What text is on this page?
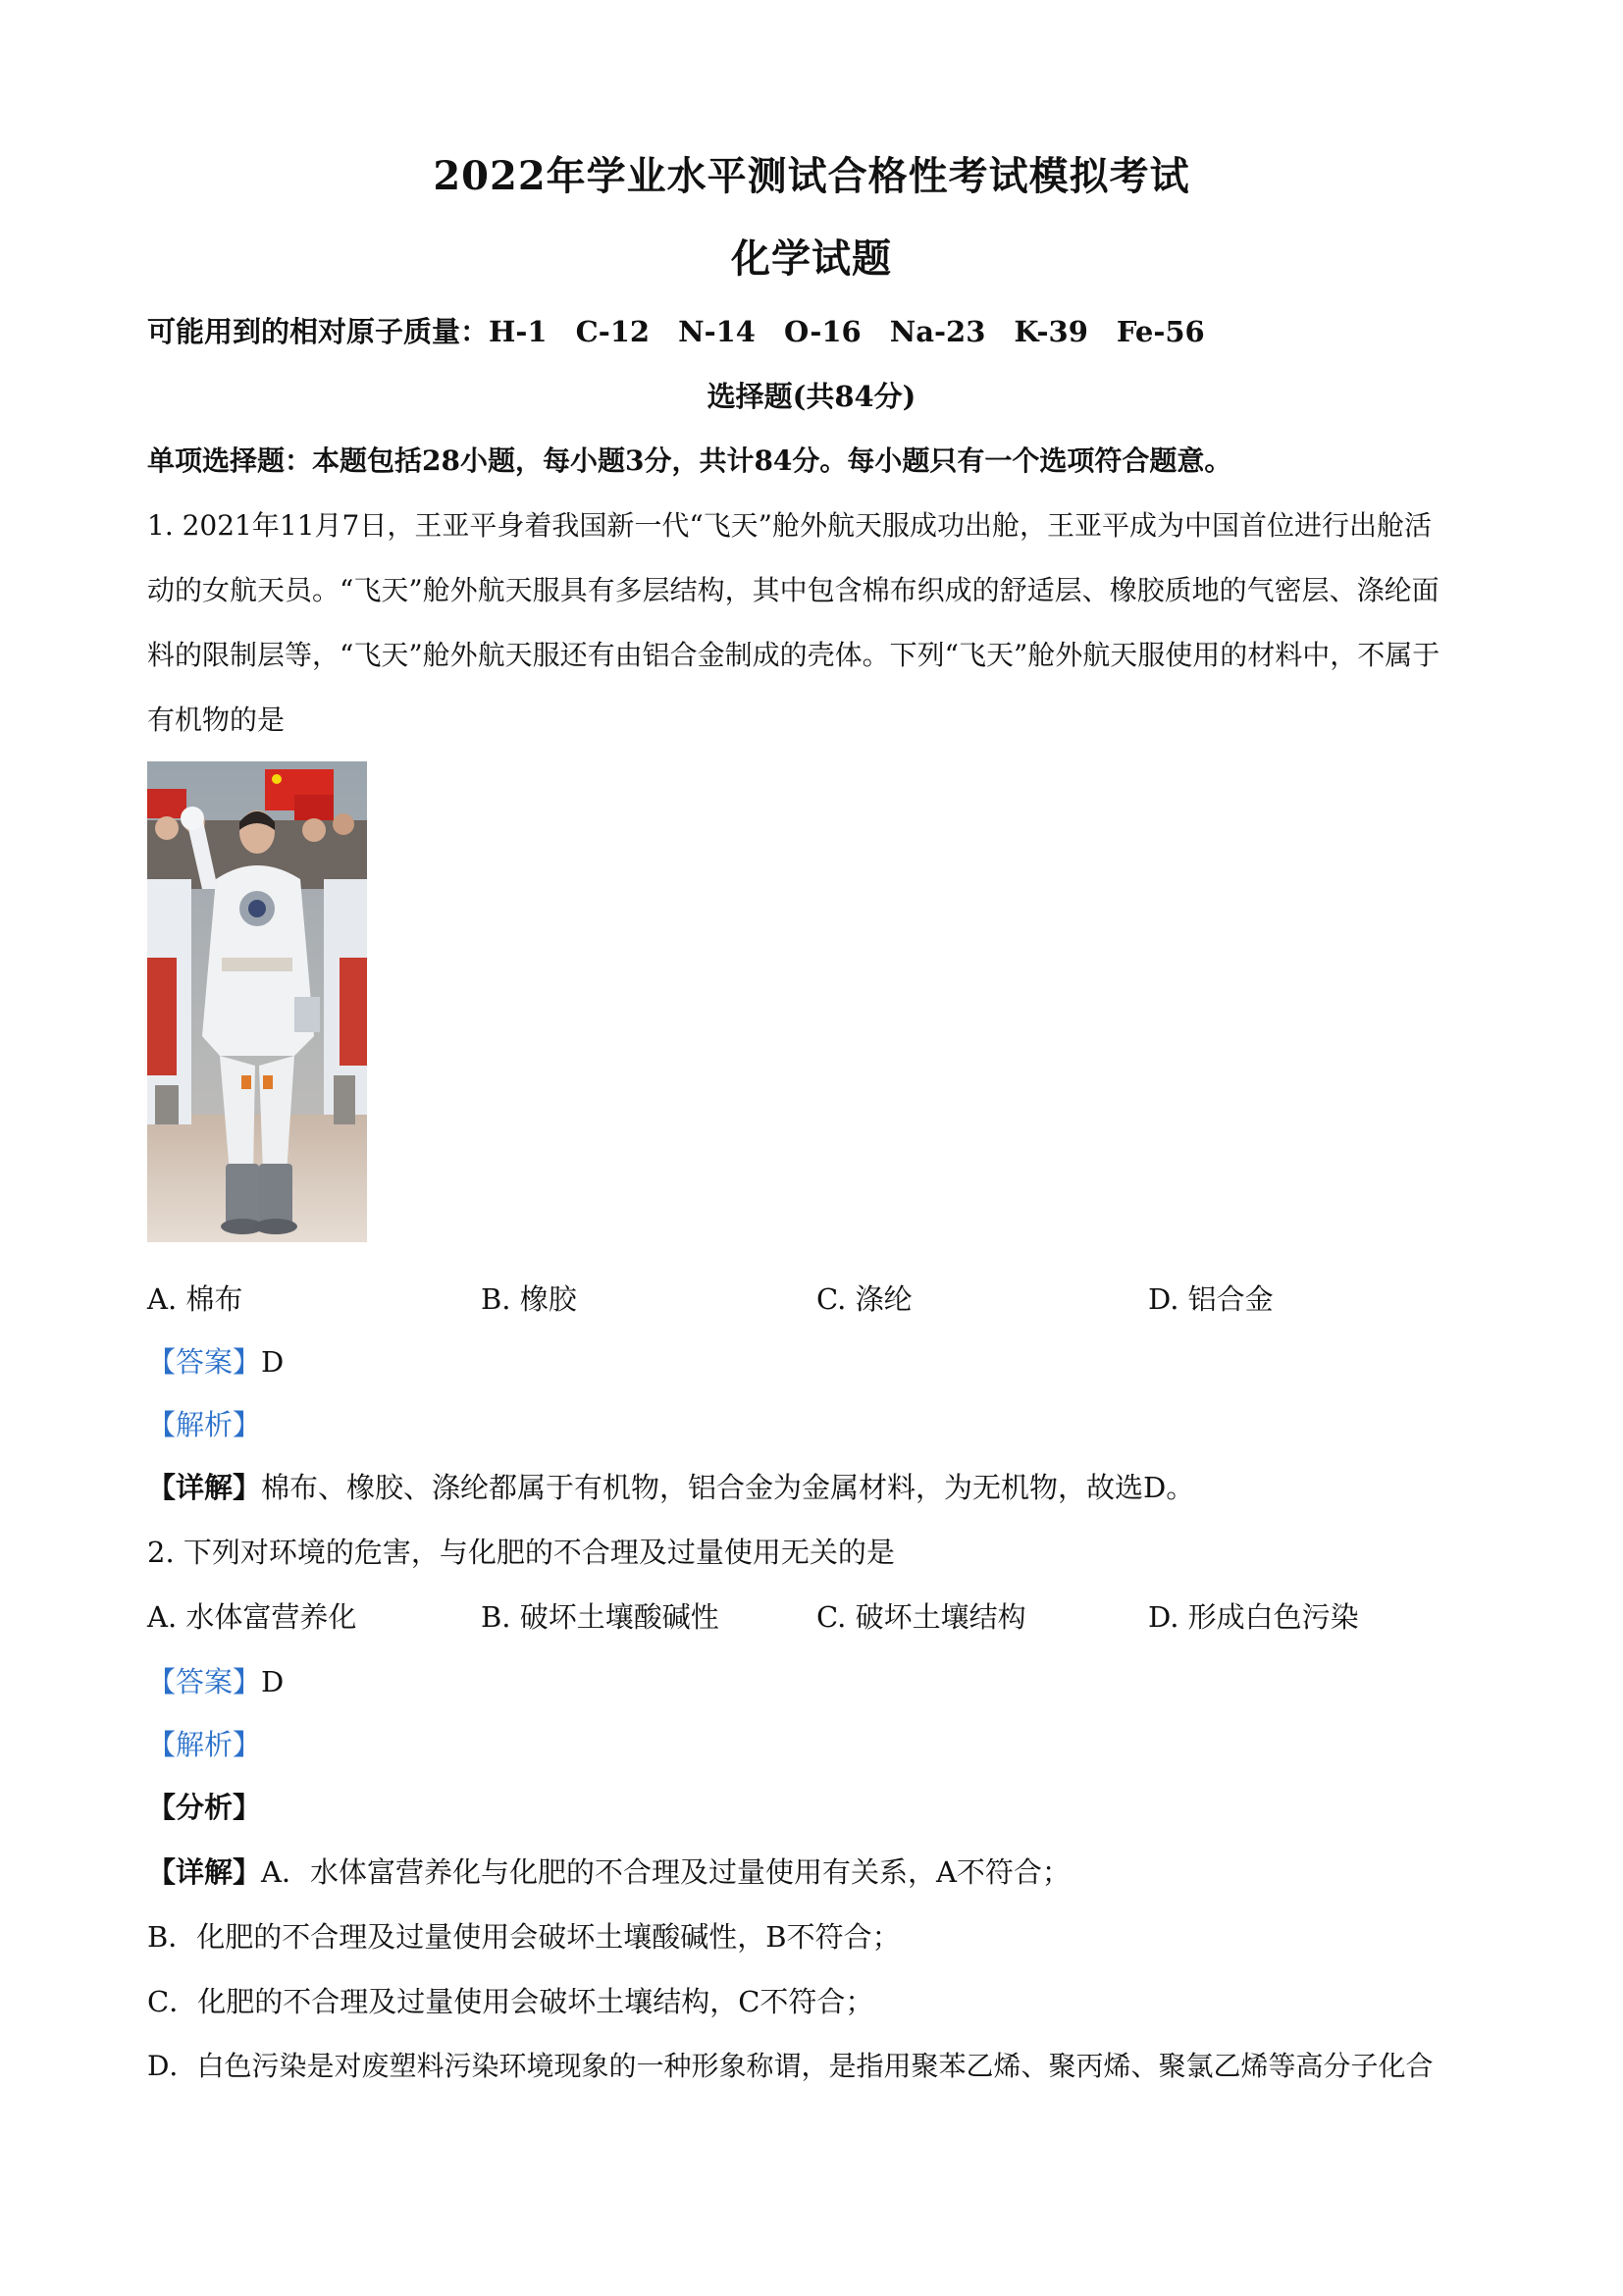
2022年学业水平测试合格性考试模拟考试
化学试题
可能用到的相对原子质量：H-1　C-12　N-14　O-16　Na-23　K-39　Fe-56
选择题(共84分)
单项选择题：本题包括28小题，每小题3分，共计84分。每小题只有一个选项符合题意。
1. 2021年11月7日，王亚平身着我国新一代“飞天”舱外航天服成功出舱，王亚平成为中国首位进行出舱活
动的女航天员。“飞天”舱外航天服具有多层结构，其中包含棉布织成的舒适层、橡胶质地的气密层、涤纶面
料的限制层等，“飞天”舱外航天服还有由铝合金制成的壳体。下列“飞天”舱外航天服使用的材料中，不属于
有机物的是
A. 棉布	B. 橡胶	C. 涤纶	D. 铝合金
【答案】D
【解析】
【详解】棉布、橡胶、涤纶都属于有机物，铝合金为金属材料，为无机物，故选D。
2. 下列对环境的危害，与化肥的不合理及过量使用无关的是
A. 水体富营养化	B. 破坏土壤酸碱性	C. 破坏土壤结构	D. 形成白色污染
【答案】D
【解析】
【分析】
【详解】A．水体富营养化与化肥的不合理及过量使用有关系，A不符合；
B．化肥的不合理及过量使用会破坏土壤酸碱性，B不符合；
C．化肥的不合理及过量使用会破坏土壤结构，C不符合；
D．白色污染是对废塑料污染环境现象的一种形象称谓，是指用聚苯乙烯、聚丙烯、聚氯乙烯等高分子化合
